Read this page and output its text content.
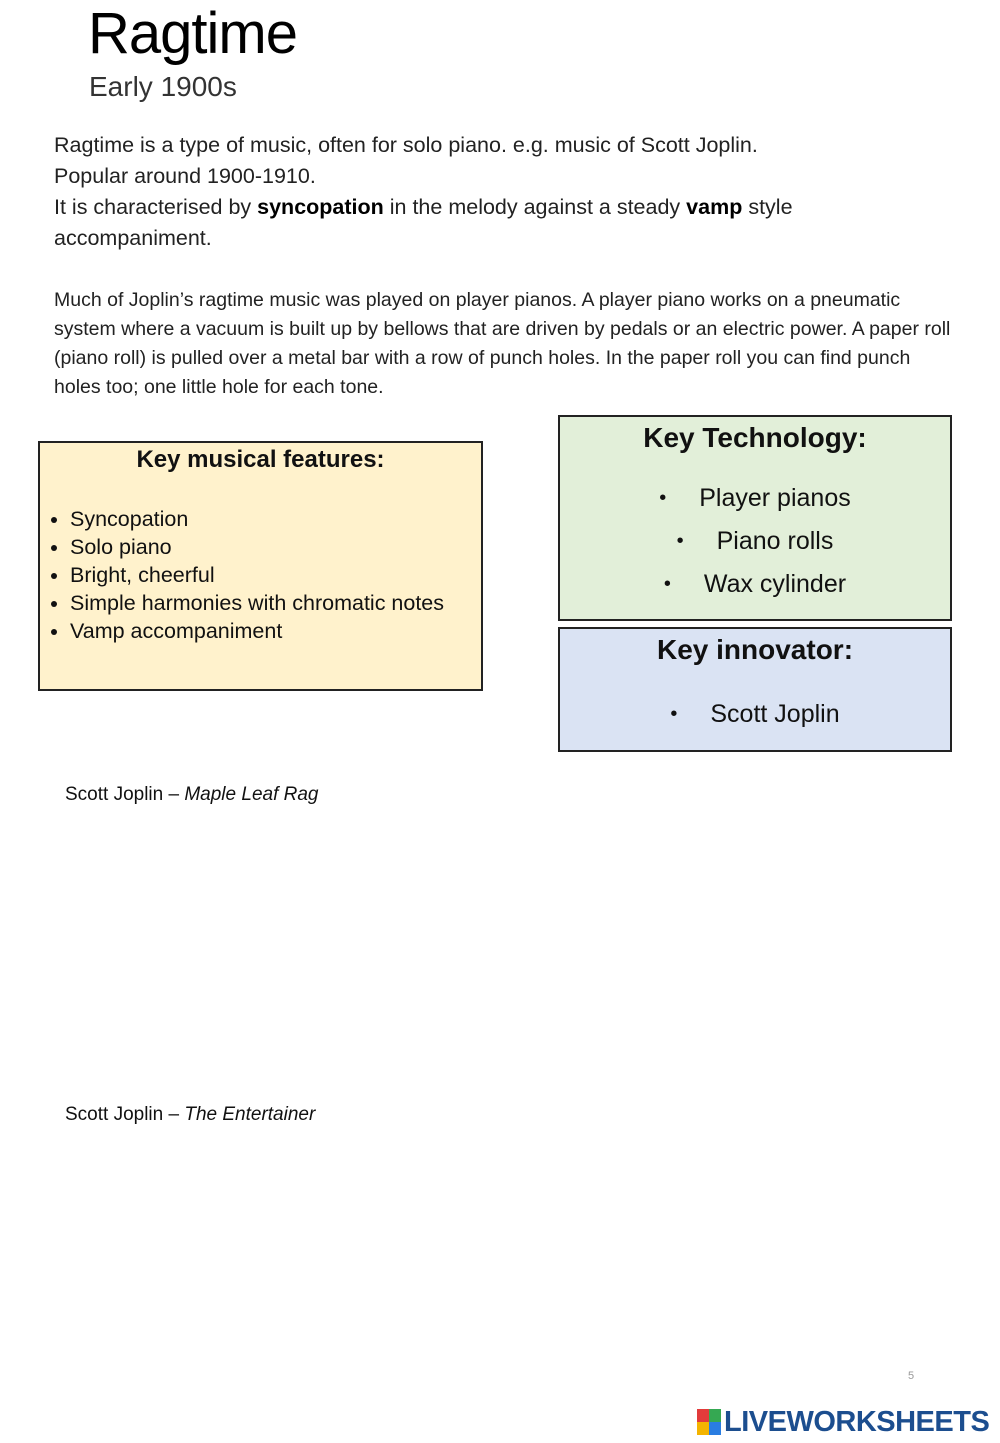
Ragtime
Early 1900s

Ragtime is a type of music, often for solo piano. e.g. music of Scott Joplin.

Popular around 1900-1910.

It is characterised by syncopation in the melody against a steady vamp style accompaniment.

Much of Joplin’s ragtime music was played on player pianos. A player piano works on a pneumatic system where a vacuum is built up by bellows that are driven by pedals or an electric power. A paper roll (piano roll) is pulled over a metal bar with a row of punch holes. In the paper roll you can find punch holes too; one little hole for each tone.

Key musical features:
• Syncopation
• Solo piano
• Bright, cheerful
• Simple harmonies with chromatic notes
• Vamp accompaniment
Key Technology:
•	Player pianos
•	Piano rolls
•	Wax cylinder
Key innovator:
•	Scott Joplin
Scott Joplin – Maple Leaf Rag
Scott Joplin – The Entertainer
5
LIVEWORKSHEETS
